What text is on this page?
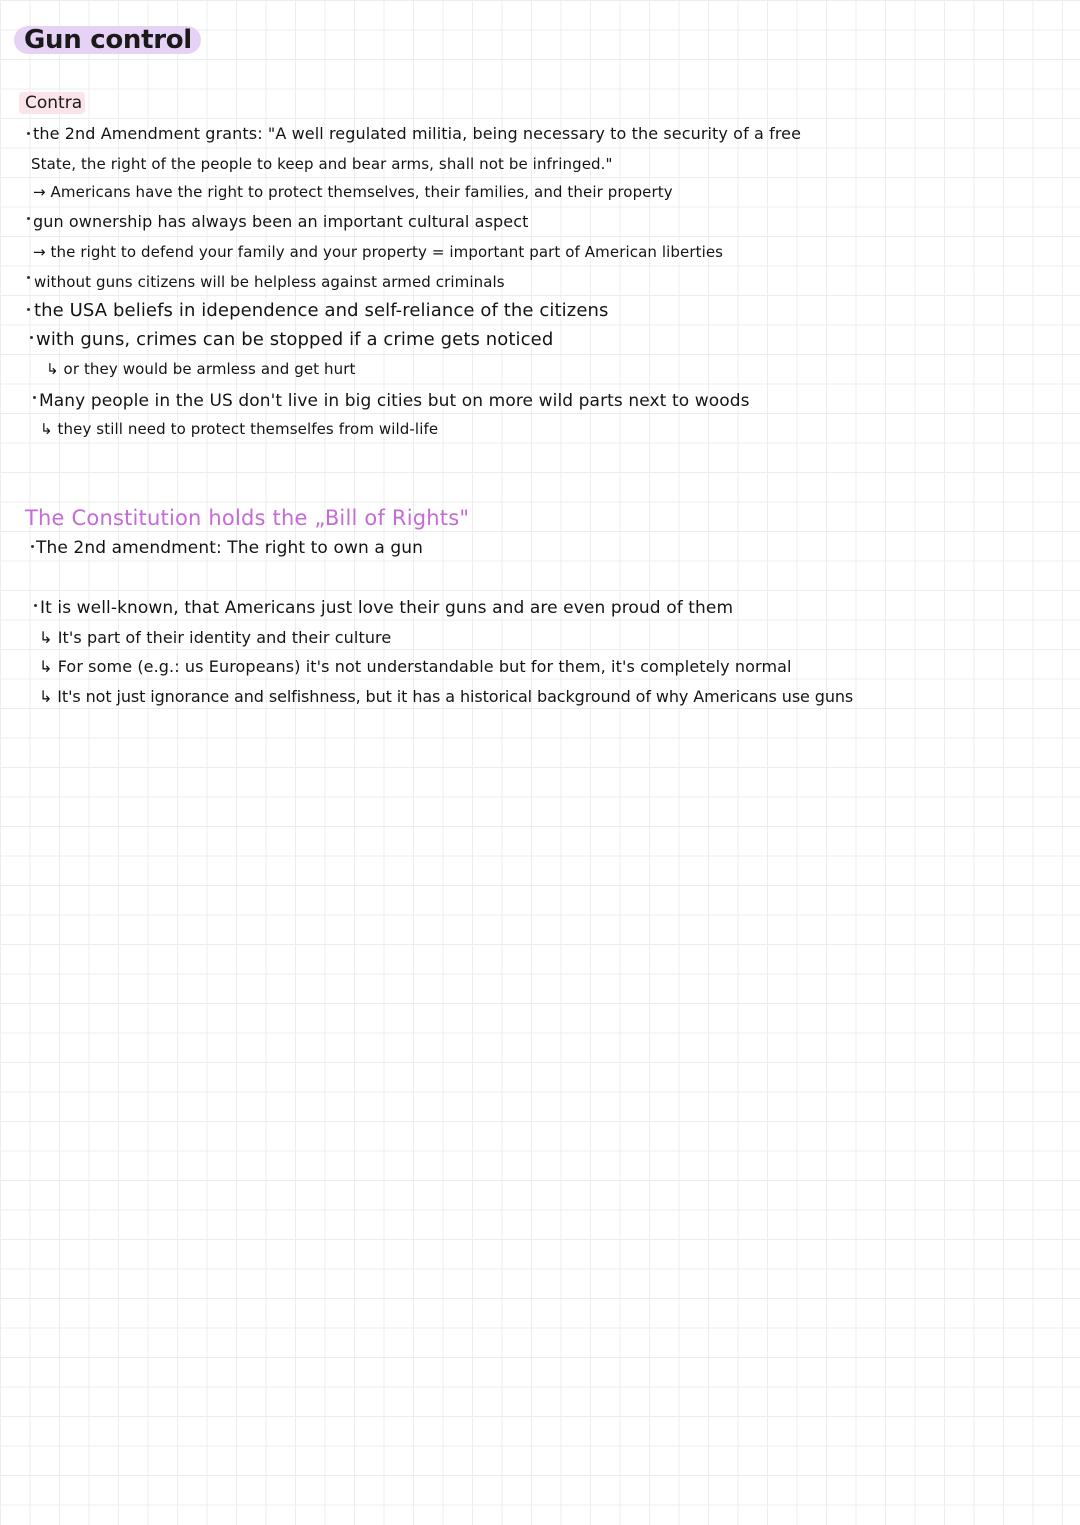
Gun control
Contra
the 2nd Amendment grants: "A well regulated militia, being necessary to the security of a free
State, the right of the people to keep and bear arms, shall not be infringed."
→ Americans have the right to protect themselves, their families, and their property
gun ownership has always been an important cultural aspect
→ the right to defend your family and your property = important part of American liberties
without guns citizens will be helpless against armed criminals
the USA beliefs in idependence and self-reliance of the citizens
with guns, crimes can be stopped if a crime gets noticed
↳ or they would be armless and get hurt
Many people in the US don't live in big cities but on more wild parts next to woods
↳ they still need to protect themselfes from wild-life
The Constitution holds the „Bill of Rights"
The 2nd amendment: The right to own a gun
It is well-known, that Americans just love their guns and are even proud of them
↳ It's part of their identity and their culture
↳ For some (e.g.: us Europeans) it's not understandable but for them, it's completely normal
↳ It's not just ignorance and selfishness, but it has a historical background of why Americans use guns
